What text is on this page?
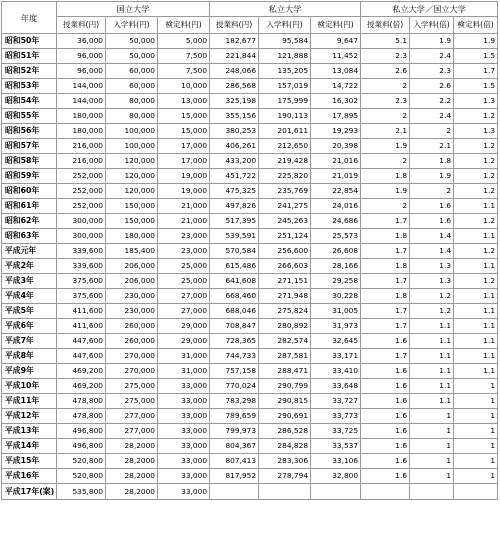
年度	国立大学			私立大学			私立大学／国立大学		
	授業料(円)	入学料(円)	検定料(円)	授業料(円)	入学料(円)	検定料(円)	授業料(倍)	入学料(倍)	検定料(倍)
昭和50年	36,000	50,000	5,000	182,677	95,584	9,647	5.1	1.9	1.9
昭和51年	96,000	50,000	7,500	221,844	121,888	11,452	2.3	2.4	1.5
昭和52年	96,000	60,000	7,500	248,066	135,205	13,084	2.6	2.3	1.7
昭和53年	144,000	60,000	10,000	286,568	157,019	14,722	2	2.6	1.5
昭和54年	144,000	80,000	13,000	325,198	175,999	16,302	2.3	2.2	1.3
昭和55年	180,000	80,000	15,000	355,156	190,113	17,895	2	2.4	1.2
昭和56年	180,000	100,000	15,000	380,253	201,611	19,293	2.1	2	1.3
昭和57年	216,000	100,000	17,000	406,261	212,650	20,398	1.9	2.1	1.2
昭和58年	216,000	120,000	17,000	433,200	219,428	21,016	2	1.8	1.2
昭和59年	252,000	120,000	19,000	451,722	225,820	21,019	1.8	1.9	1.2
昭和60年	252,000	120,000	19,000	475,325	235,769	22,854	1.9	2	1.2
昭和61年	252,000	150,000	21,000	497,826	241,275	24,016	2	1.6	1.1
昭和62年	300,000	150,000	21,000	517,395	245,263	24,686	1.7	1.6	1.2
昭和63年	300,000	180,000	23,000	539,591	251,124	25,573	1.8	1.4	1.1
平成元年	339,600	185,400	23,000	570,584	256,600	26,608	1.7	1.4	1.2
平成2年	339,600	206,000	25,000	615,486	266,603	28,166	1.8	1.3	1.1
平成3年	375,600	206,000	25,000	641,608	271,151	29,258	1.7	1.3	1.2
平成4年	375,600	230,000	27,000	668,460	271,948	30,228	1.8	1.2	1.1
平成5年	411,600	230,000	27,000	688,046	275,824	31,005	1.7	1.2	1.1
平成6年	411,600	260,000	29,000	708,847	280,892	31,973	1.7	1.1	1.1
平成7年	447,600	260,000	29,000	728,365	282,574	32,645	1.6	1.1	1.1
平成8年	447,600	270,000	31,000	744,733	287,581	33,171	1.7	1.1	1.1
平成9年	469,200	270,000	31,000	757,158	288,471	33,410	1.6	1.1	1.1
平成10年	469,200	275,000	33,000	770,024	290,799	33,648	1.6	1.1	1
平成11年	478,800	275,000	33,000	783,298	290,815	33,727	1.6	1.1	1
平成12年	478,800	277,000	33,000	789,659	290,691	33,773	1.6	1	1
平成13年	496,800	277,000	33,000	799,973	286,528	33,725	1.6	1	1
平成14年	496,800	28,2000	33,000	804,367	284,828	33,537	1.6	1	1
平成15年	520,800	28,2000	33,000	807,413	283,306	33,106	1.6	1	1
平成16年	520,800	28,2000	33,000	817,952	278,794	32,800	1.6	1	1
平成17年(案)	535,800	28,2000	33,000						
